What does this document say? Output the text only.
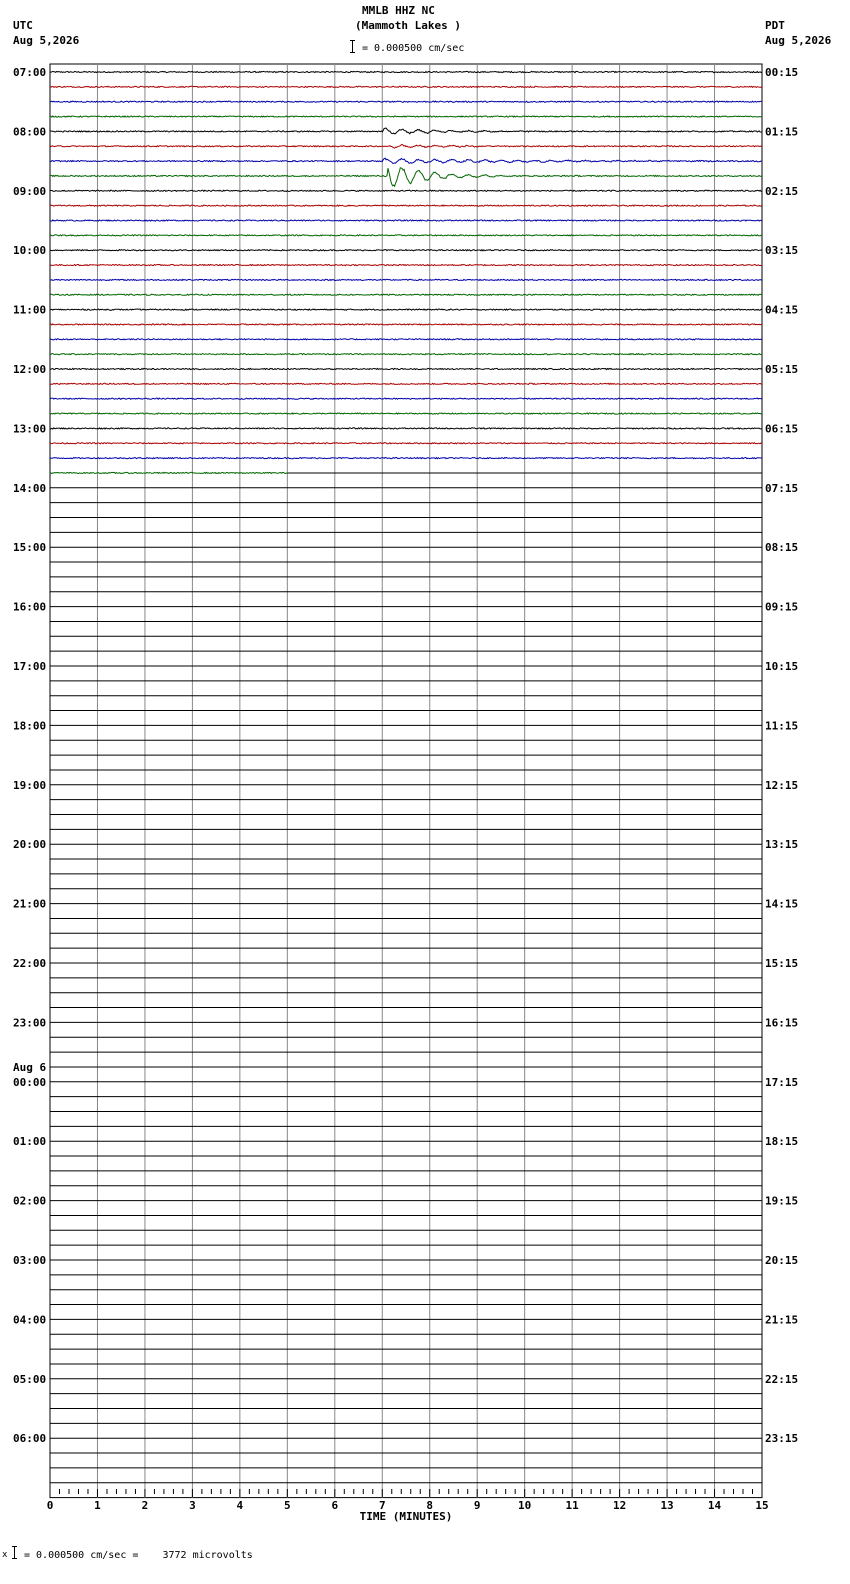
MMLB HHZ NC
(Mammoth Lakes )
= 0.000500 cm/sec
UTC
Aug 5,2026
PDT
Aug 5,2026
07:00	00:15
08:00	01:15
09:00	02:15
10:00	03:15
11:00	04:15
12:00	05:15
13:00	06:15
14:00	07:15
15:00	08:15
16:00	09:15
17:00	10:15
18:00	11:15
19:00	12:15
20:00	13:15
21:00	14:15
22:00	15:15
23:00	16:15
00:00	17:15
01:00	18:15
02:00	19:15
03:00	20:15
04:00	21:15
05:00	22:15
06:00	23:15
Aug 6
0	1	2	3	4	5	6	7	8	9	10	11	12	13	14	15
TIME (MINUTES)
x = 0.000500 cm/sec =    3772 microvolts
